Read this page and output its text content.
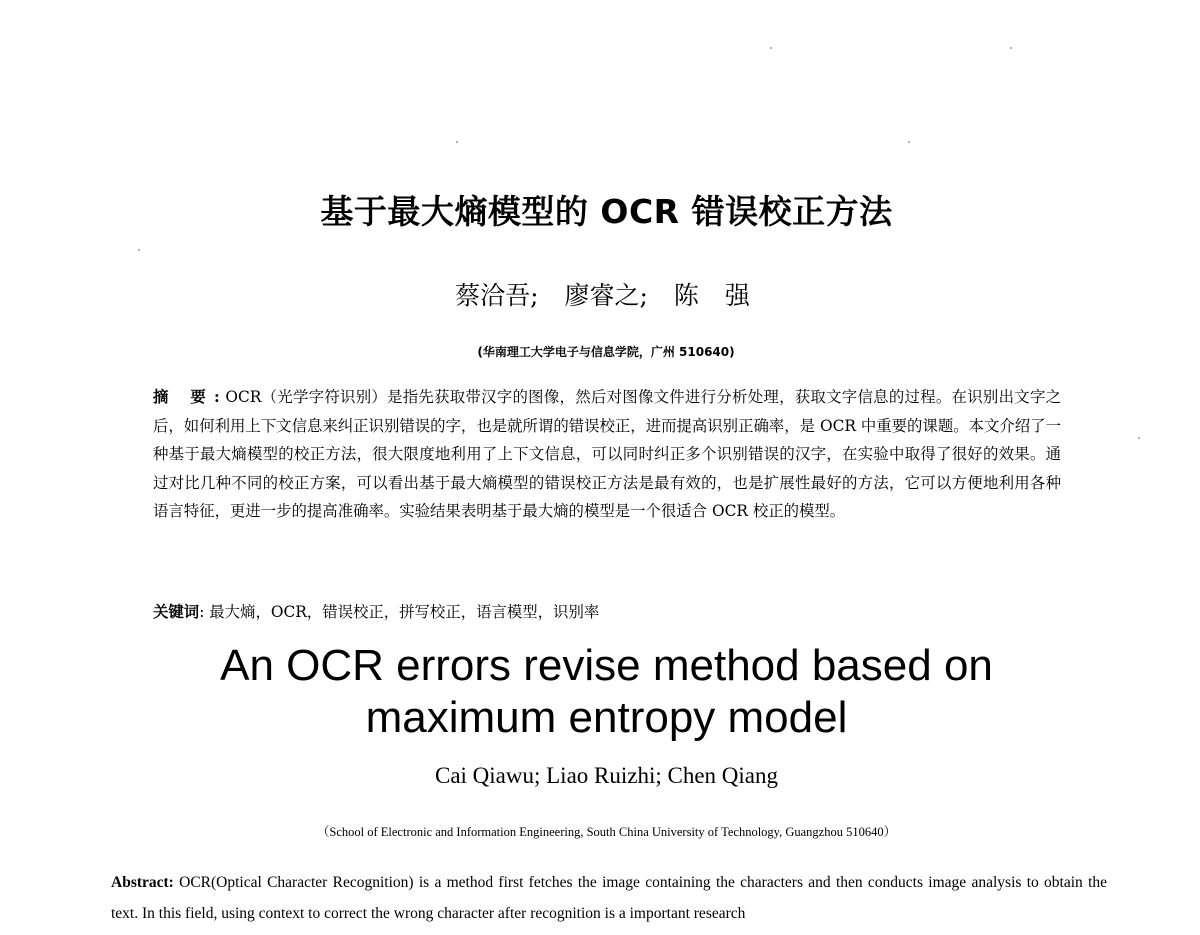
基于最大熵模型的 OCR 错误校正方法
蔡洽吾; 廖睿之; 陈 强
(华南理工大学电子与信息学院，广州 510640)
摘 要: OCR（光学字符识别）是指先获取带汉字的图像，然后对图像文件进行分析处理，获取文字信息的过程。在识别出文字之后，如何利用上下文信息来纠正识别错误的字，也是就所谓的错误校正，进而提高识别正确率，是 OCR 中重要的课题。本文介绍了一种基于最大熵模型的校正方法，很大限度地利用了上下文信息，可以同时纠正多个识别错误的汉字，在实验中取得了很好的效果。通过对比几种不同的校正方案，可以看出基于最大熵模型的错误校正方法是最有效的，也是扩展性最好的方法，它可以方便地利用各种语言特征，更进一步的提高准确率。实验结果表明基于最大熵的模型是一个很适合 OCR 校正的模型。
关键词: 最大熵，OCR，错误校正，拼写校正，语言模型，识别率
An OCR errors revise method based on
maximum entropy model
Cai Qiawu; Liao Ruizhi; Chen Qiang
（School of Electronic and Information Engineering, South China University of Technology, Guangzhou 510640）
Abstract: OCR(Optical Character Recognition) is a method first fetches the image containing the characters and then conducts image analysis to obtain the text. In this field, using context to correct the wrong character after recognition is a important research
